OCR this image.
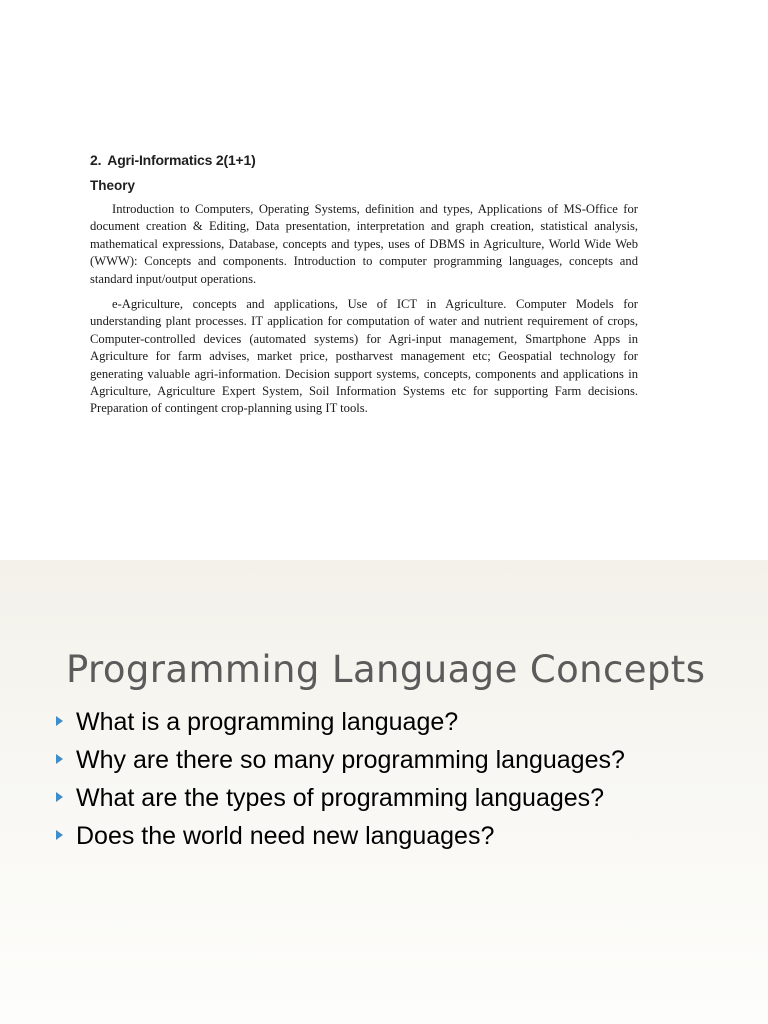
2. Agri-Informatics 2(1+1)
Theory

Introduction to Computers, Operating Systems, definition and types, Applications of MS-Office for document creation & Editing, Data presentation, interpretation and graph creation, statistical analysis, mathematical expressions, Database, concepts and types, uses of DBMS in Agriculture, World Wide Web (WWW): Concepts and components. Introduction to computer programming languages, concepts and standard input/output operations.

e-Agriculture, concepts and applications, Use of ICT in Agriculture. Computer Models for understanding plant processes. IT application for computation of water and nutrient requirement of crops, Computer-controlled devices (automated systems) for Agri-input management, Smartphone Apps in Agriculture for farm advises, market price, postharvest management etc; Geospatial technology for generating valuable agri-information. Decision support systems, concepts, components and applications in Agriculture, Agriculture Expert System, Soil Information Systems etc for supporting Farm decisions. Preparation of contingent crop-planning using IT tools.

Programming Language Concepts
What is a programming language?
Why are there so many programming languages?
What are the types of programming languages?
Does the world need new languages?
